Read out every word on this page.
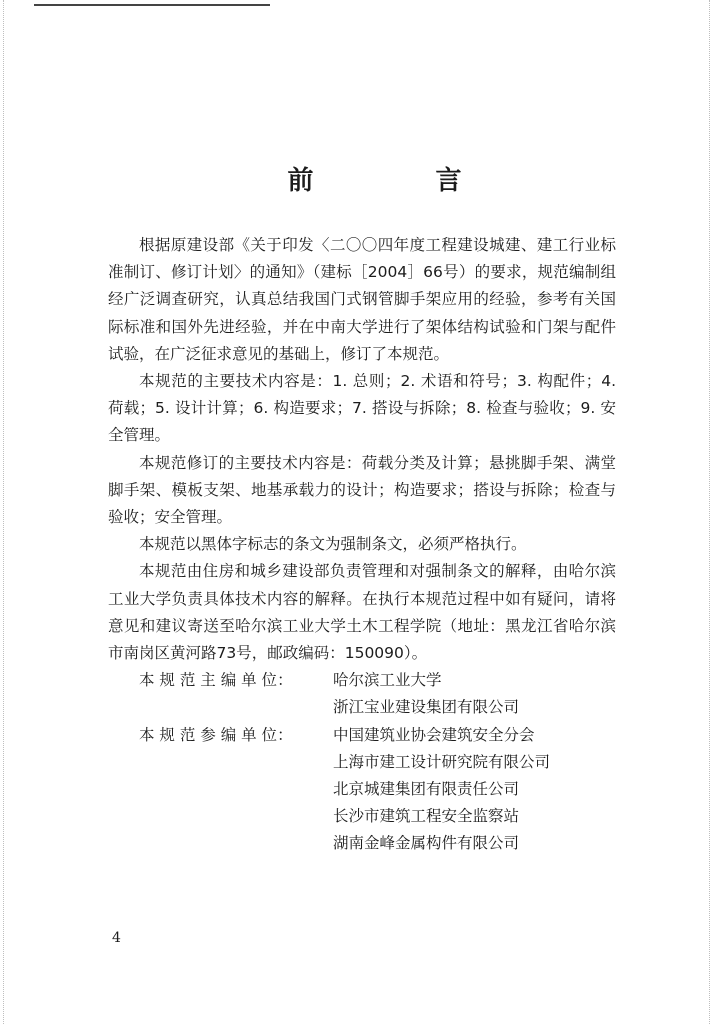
前　言

根据原建设部《关于印发〈二〇〇四年度工程建设城建、建工行业标准制订、修订计划〉的通知》（建标［2004］66号）的要求，规范编制组经广泛调查研究，认真总结我国门式钢管脚手架应用的经验，参考有关国际标准和国外先进经验，并在中南大学进行了架体结构试验和门架与配件试验，在广泛征求意见的基础上，修订了本规范。

本规范的主要技术内容是：1. 总则；2. 术语和符号；3. 构配件；4. 荷载；5. 设计计算；6. 构造要求；7. 搭设与拆除；8. 检查与验收；9. 安全管理。

本规范修订的主要技术内容是：荷载分类及计算；悬挑脚手架、满堂脚手架、模板支架、地基承载力的设计；构造要求；搭设与拆除；检查与验收；安全管理。

本规范以黑体字标志的条文为强制条文，必须严格执行。

本规范由住房和城乡建设部负责管理和对强制条文的解释，由哈尔滨工业大学负责具体技术内容的解释。在执行本规范过程中如有疑问，请将意见和建议寄送至哈尔滨工业大学土木工程学院（地址：黑龙江省哈尔滨市南岗区黄河路73号，邮政编码：150090）。

本 规 范 主 编 单 位：	哈尔滨工业大学
浙江宝业建设集团有限公司
本 规 范 参 编 单 位：	中国建筑业协会建筑安全分会
上海市建工设计研究院有限公司
北京城建集团有限责任公司
长沙市建筑工程安全监察站
湖南金峰金属构件有限公司
4
